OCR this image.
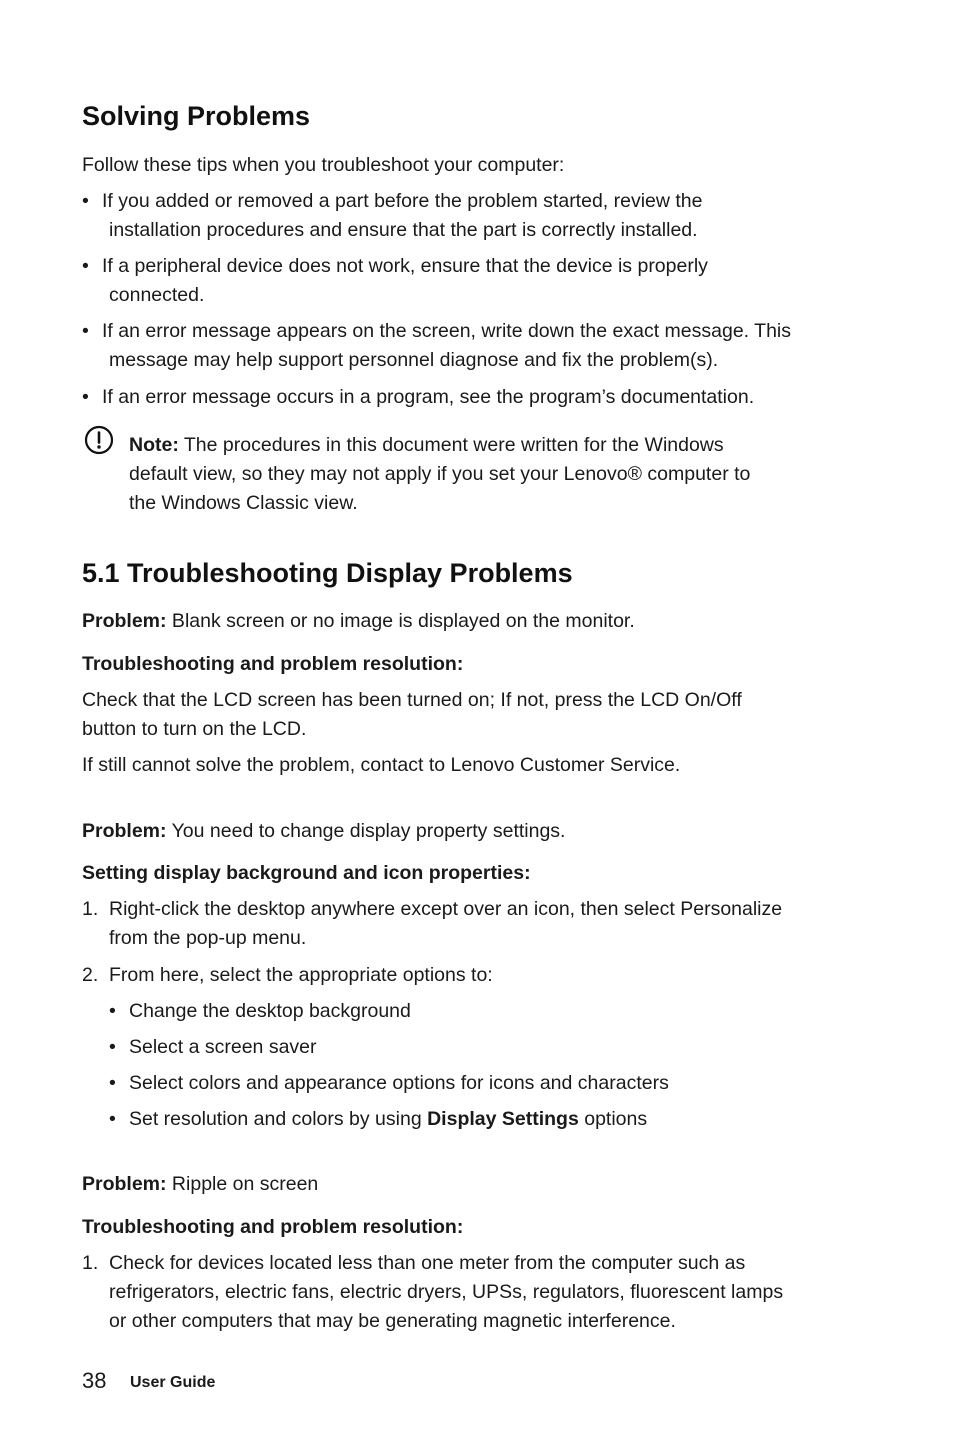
Solving Problems
Follow these tips when you troubleshoot your computer:
• If you added or removed a part before the problem started, review the
installation procedures and ensure that the part is correctly installed.
• If a peripheral device does not work, ensure that the device is properly
connected.
• If an error message appears on the screen, write down the exact message. This
message may help support personnel diagnose and fix the problem(s).
• If an error message occurs in a program, see the program’s documentation.
Note: The procedures in this document were written for the Windows
default view, so they may not apply if you set your Lenovo® computer to
the Windows Classic view.
5.1 Troubleshooting Display Problems
Problem: Blank screen or no image is displayed on the monitor.
Troubleshooting and problem resolution:
Check that the LCD screen has been turned on; If not, press the LCD On/Off
button to turn on the LCD.
If still cannot solve the problem, contact to Lenovo Customer Service.
Problem: You need to change display property settings.
Setting display background and icon properties:
1. Right-click the desktop anywhere except over an icon, then select Personalize
from the pop-up menu.
2. From here, select the appropriate options to:
• Change the desktop background
• Select a screen saver
• Select colors and appearance options for icons and characters
• Set resolution and colors by using Display Settings options
Problem: Ripple on screen
Troubleshooting and problem resolution:
1. Check for devices located less than one meter from the computer such as
refrigerators, electric fans, electric dryers, UPSs, regulators, fluorescent lamps
or other computers that may be generating magnetic interference.
38 User Guide
